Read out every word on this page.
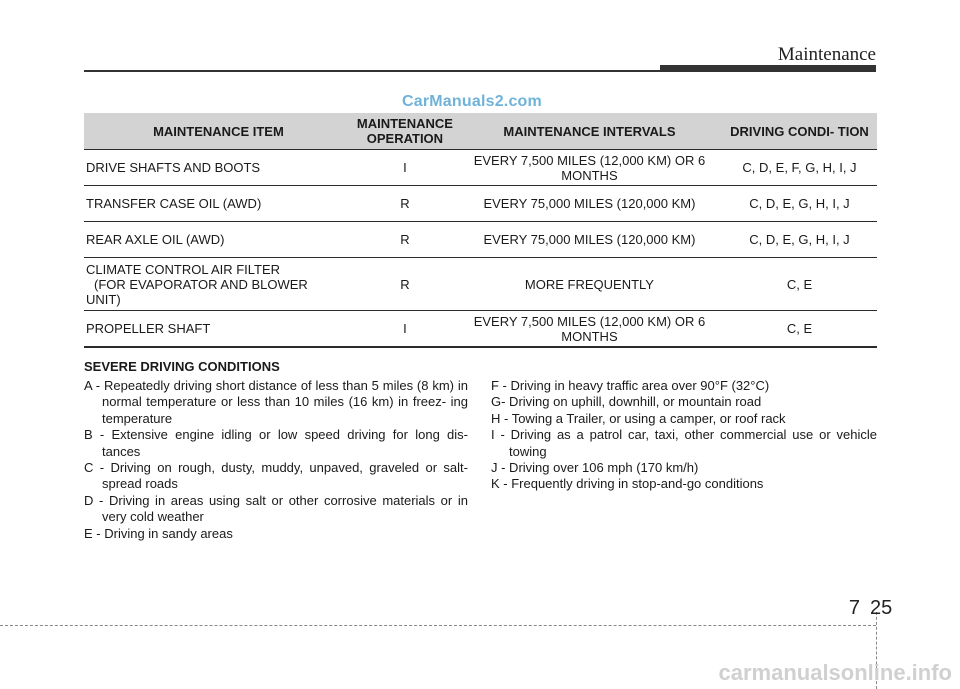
Maintenance
CarManuals2.com
MAINTENANCE ITEM	MAINTENANCE OPERATION	MAINTENANCE INTERVALS	DRIVING CONDI- TION
DRIVE SHAFTS AND BOOTS	I	EVERY 7,500 MILES (12,000 KM) OR 6 MONTHS	C, D, E, F, G, H, I, J
TRANSFER CASE OIL (AWD)	R	EVERY 75,000 MILES (120,000 KM)	C, D, E, G, H, I, J
REAR AXLE OIL (AWD)	R	EVERY 75,000 MILES (120,000 KM)	C, D, E, G, H, I, J

CLIMATE CONTROL AIR FILTER
(FOR EVAPORATOR AND BLOWER
UNIT)	R	MORE FREQUENTLY	C, E
PROPELLER SHAFT	I	EVERY 7,500 MILES (12,000 KM) OR 6 MONTHS	C, E
SEVERE DRIVING CONDITIONS

A - Repeatedly driving short distance of less than 5 miles (8 km) in normal temperature or less than 10 miles (16 km) in freez- ing temperature

B - Extensive engine idling or low speed driving for long dis- tances

C - Driving on rough, dusty, muddy, unpaved, graveled or salt- spread roads

D - Driving in areas using salt or other corrosive materials or in very cold weather

E - Driving in sandy areas

F - Driving in heavy traffic area over 90°F (32°C)

G- Driving on uphill, downhill, or mountain road

H - Towing a Trailer, or using a camper, or roof rack

I - Driving as a patrol car, taxi, other commercial use or vehicle towing

J - Driving over 106 mph (170 km/h)

K - Frequently driving in stop-and-go conditions

7 25
carmanualsonline.info
